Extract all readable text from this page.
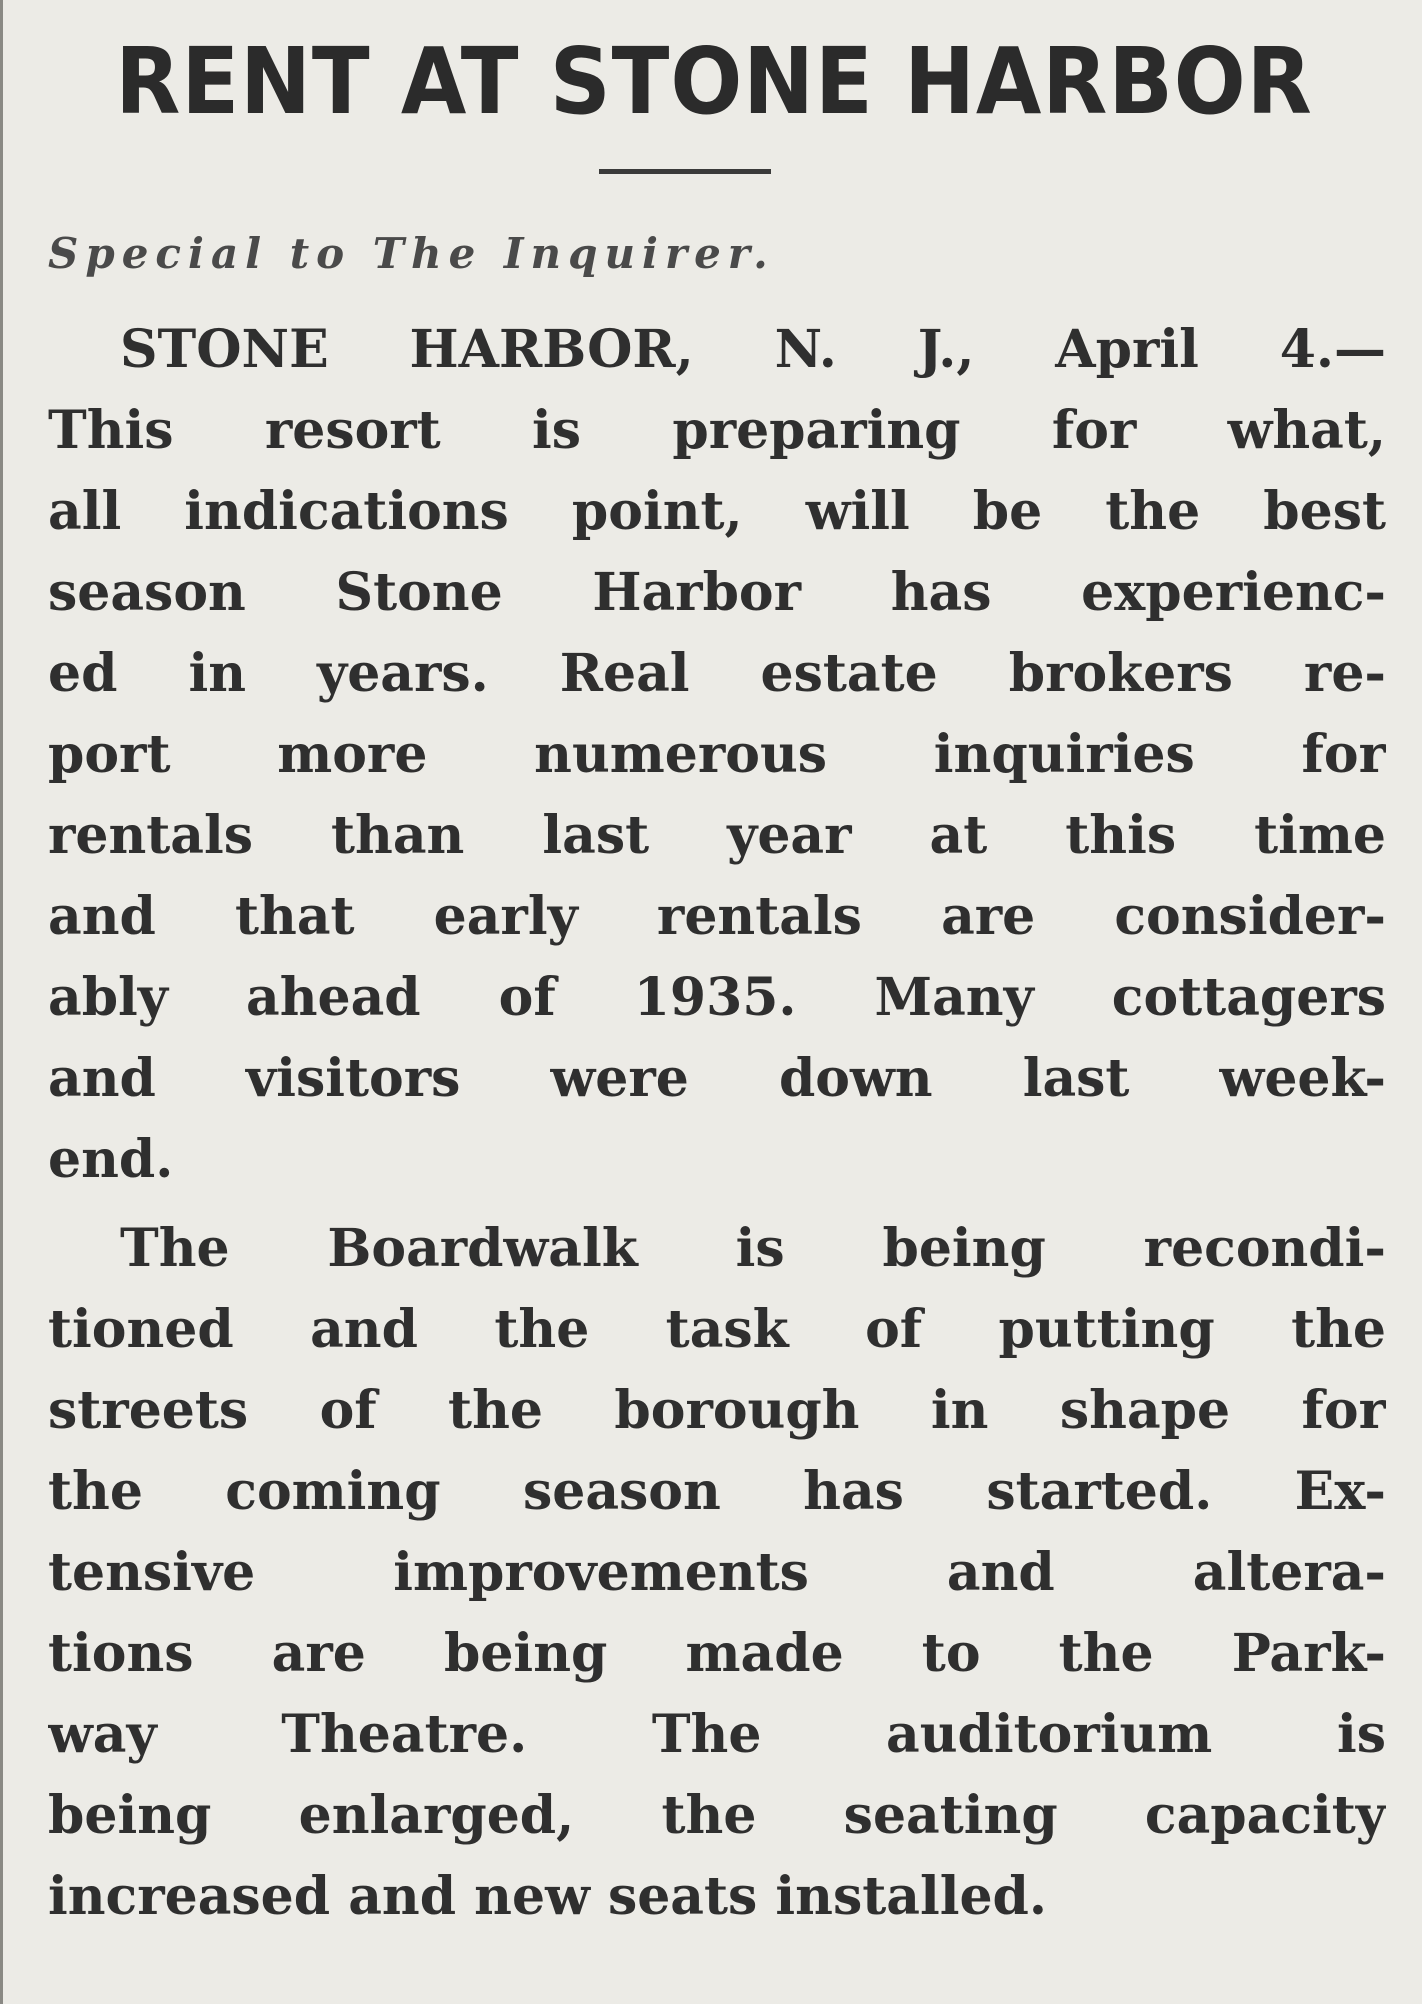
RENT AT STONE HARBOR

Special to The Inquirer.

STONE HARBOR, N. J., April 4.—
This resort is preparing for what,
all indications point, will be the best
season Stone Harbor has experienc-
ed in years. Real estate brokers re-
port more numerous inquiries for
rentals than last year at this time
and that early rentals are consider-
ably ahead of 1935. Many cottagers
and visitors were down last week-
end.
The Boardwalk is being recondi-
tioned and the task of putting the
streets of the borough in shape for
the coming season has started. Ex-
tensive improvements and altera-
tions are being made to the Park-
way Theatre. The auditorium is
being enlarged, the seating capacity
increased and new seats installed.
